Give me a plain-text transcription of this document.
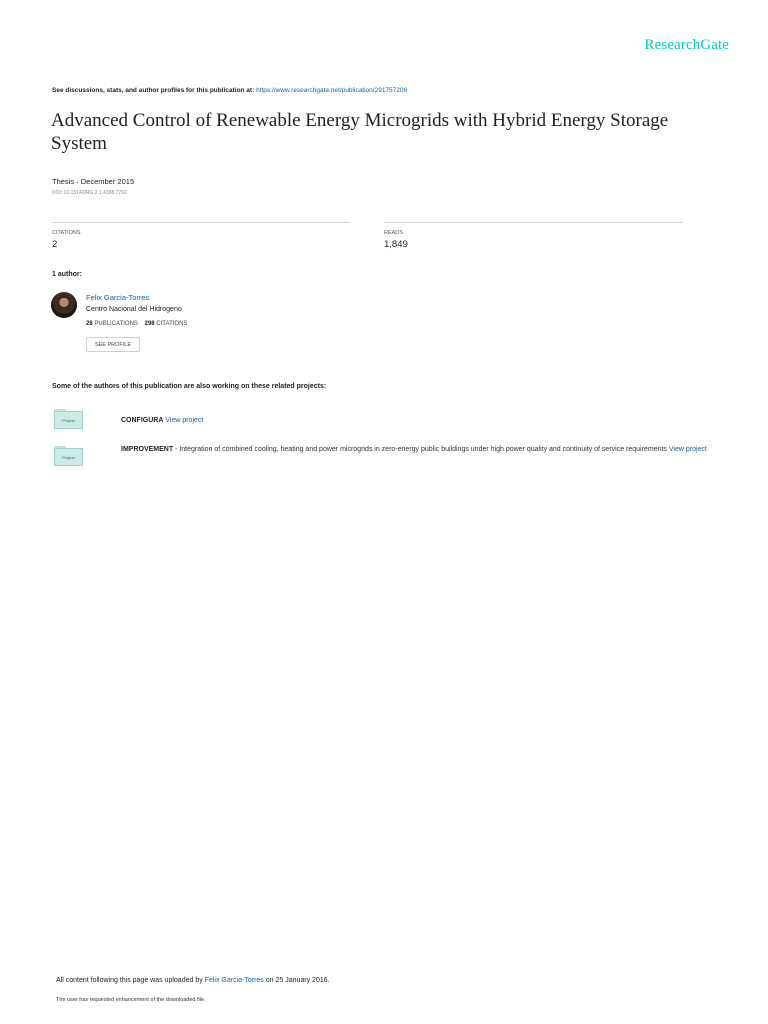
ResearchGate
See discussions, stats, and author profiles for this publication at: https://www.researchgate.net/publication/291757206
Advanced Control of Renewable Energy Microgrids with Hybrid Energy Storage System
Thesis · December 2015
DOI: 10.13140/RG.2.1.4388.7762
CITATIONS
2
READS
1,849
1 author:
Felix Garcia-Torres
Centro Nacional del Hidrogeno
28 PUBLICATIONS 298 CITATIONS
SEE PROFILE
Some of the authors of this publication are also working on these related projects:
Project	CONFIGURA View project
Project
IMPROVEMENT - Integration of combined cooling, heating and power microgrids in zero-energy public buildings under high power quality and continuity of service requirements View project
All content following this page was uploaded by Felix Garcia-Torres on 25 January 2016.
The user has requested enhancement of the downloaded file.
